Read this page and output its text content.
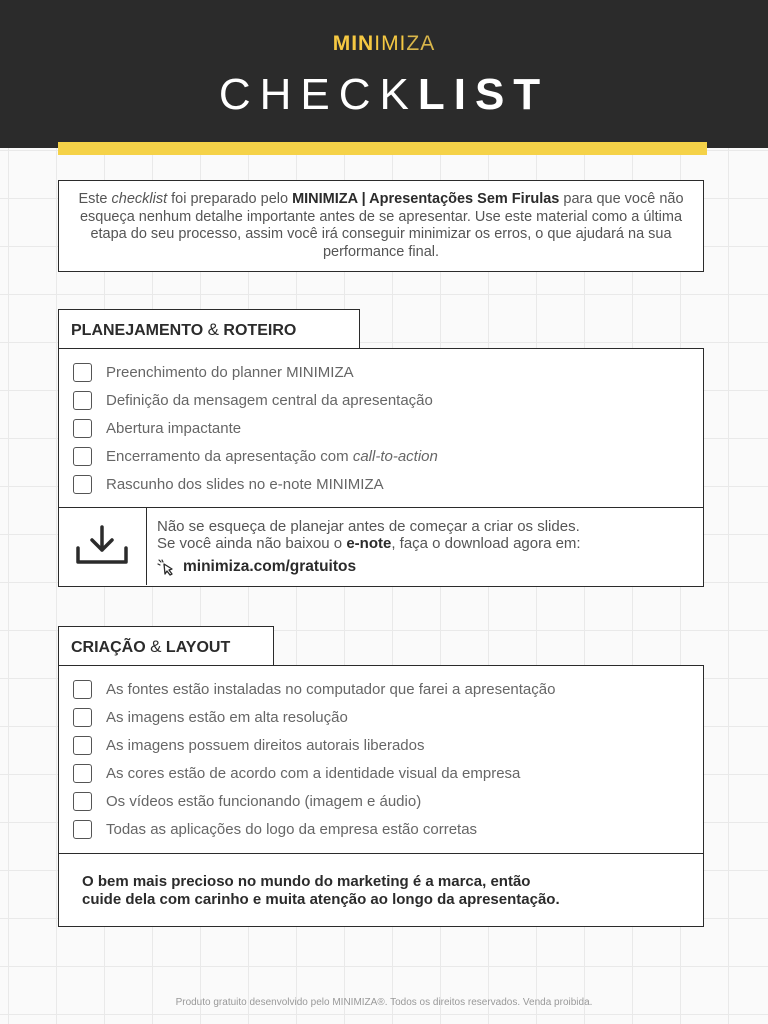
MINIMIZA
CHECKLIST
Este checklist foi preparado pelo MINIMIZA | Apresentações Sem Firulas para que você não esqueça nenhum detalhe importante antes de se apresentar. Use este material como a última etapa do seu processo, assim você irá conseguir minimizar os erros, o que ajudará na sua performance final.
PLANEJAMENTO & ROTEIRO
Preenchimento do planner MINIMIZA
Definição da mensagem central da apresentação
Abertura impactante
Encerramento da apresentação com call-to-action
Rascunho dos slides no e-note MINIMIZA
Não se esqueça de planejar antes de começar a criar os slides.
Se você ainda não baixou o e-note, faça o download agora em:
minimiza.com/gratuitos
CRIAÇÃO & LAYOUT
As fontes estão instaladas no computador que farei a apresentação
As imagens estão em alta resolução
As imagens possuem direitos autorais liberados
As cores estão de acordo com a identidade visual da empresa
Os vídeos estão funcionando (imagem e áudio)
Todas as aplicações do logo da empresa estão corretas
O bem mais precioso no mundo do marketing é a marca, então
cuide dela com carinho e muita atenção ao longo da apresentação.
Produto gratuito desenvolvido pelo MINIMIZA®. Todos os direitos reservados. Venda proibida.
